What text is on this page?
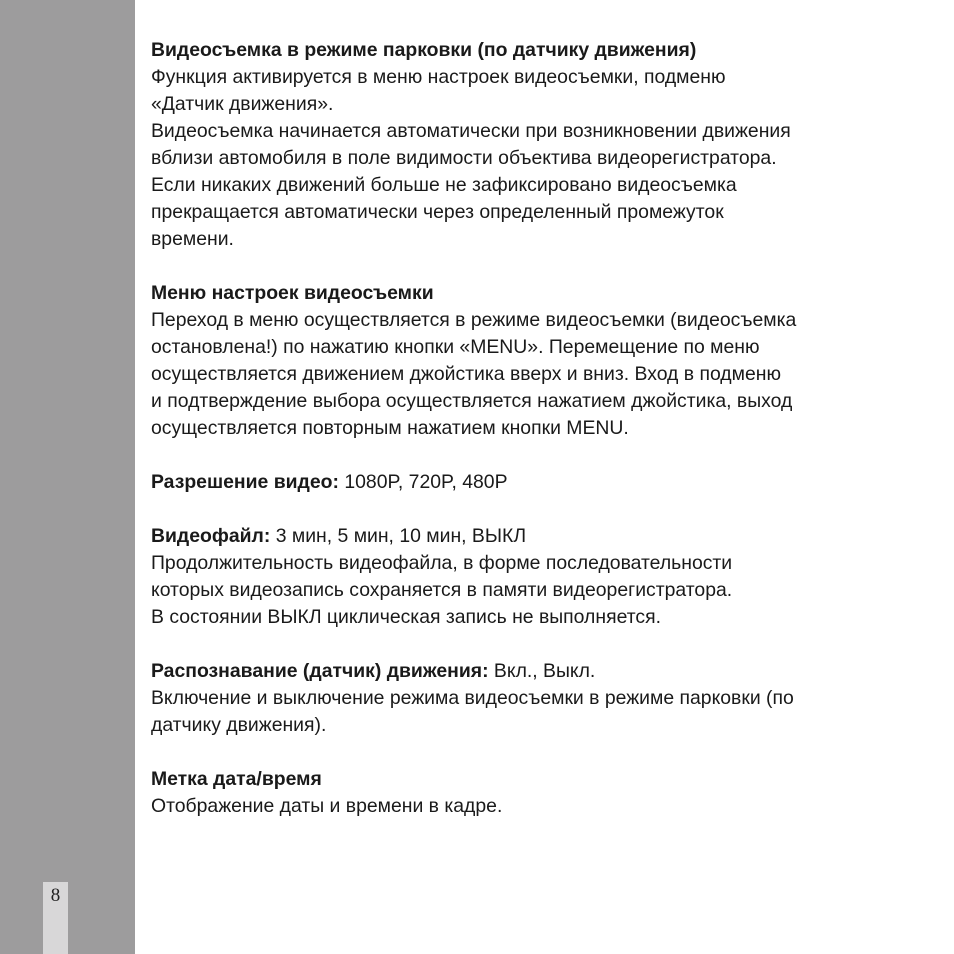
8
Видеосъемка в режиме парковки (по датчику движения)
Функция активируется в меню настроек видеосъемки, подменю
«Датчик движения».
Видеосъемка начинается автоматически при возникновении движения
вблизи автомобиля в поле видимости объектива видеорегистратора.
Если никаких движений больше не зафиксировано видеосъемка
прекращается автоматически через определенный промежуток
времени.
Меню настроек видеосъемки
Переход в меню осуществляется в режиме видеосъемки (видеосъемка
остановлена!) по нажатию кнопки «MENU». Перемещение по меню
осуществляется движением джойстика вверх и вниз. Вход в подменю
и подтверждение выбора осуществляется нажатием джойстика, выход
осуществляется повторным нажатием кнопки MENU.
Разрешение видео: 1080P, 720P, 480P
Видеофайл: 3 мин, 5 мин, 10 мин, ВЫКЛ
Продолжительность видеофайла, в форме последовательности
которых видеозапись сохраняется в памяти видеорегистратора.
В состоянии ВЫКЛ циклическая запись не выполняется.
Распознавание (датчик) движения: Вкл., Выкл.
Включение и выключение режима видеосъемки в режиме парковки (по
датчику движения).
Метка дата/время
Отображение даты и времени в кадре.
